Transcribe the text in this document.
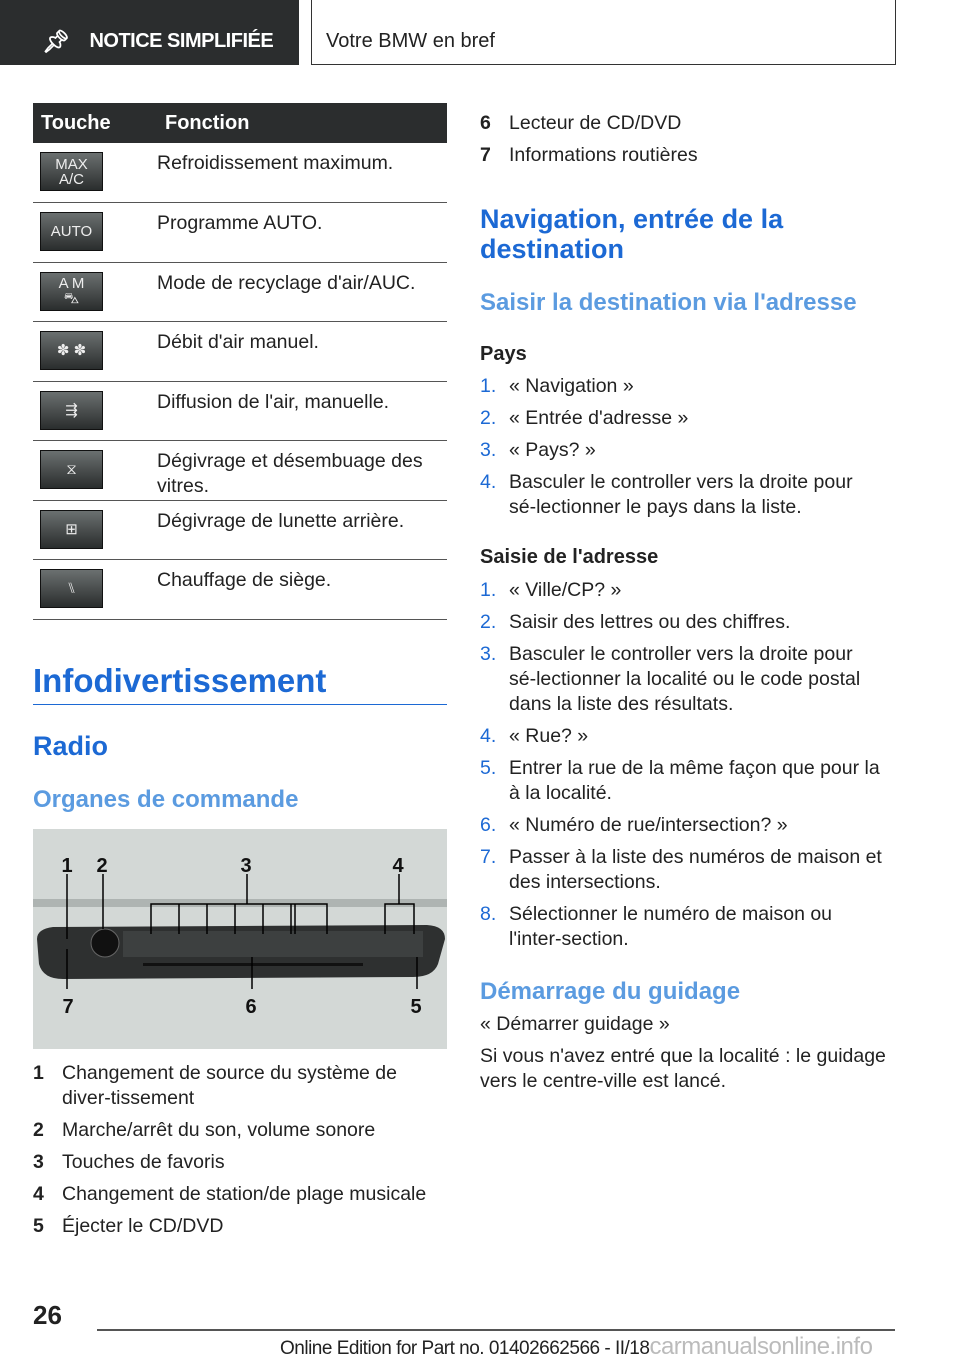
📌︎ NOTICE SIMPLIFIÉE	Votre BMW en bref
Touche	Fonction

MAX
A/C	Refroidissement maximum.

AUTO	Programme AUTO.

A M
⛍	Mode de recyclage d'air/AUC.

✽ ✽	Débit d'air manuel.

⇶	Diffusion de l'air, manuelle.

⧖	Dégivrage et désembuage des vitres.

⊞	Dégivrage de lunette arrière.

⑊	Chauffage de siège.
Infodivertissement
Radio
Organes de commande
1 2	3	4
5
6
7
1 Changement de source du système de diver‑tissement
2 Marche/arrêt du son, volume sonore
3 Touches de favoris
4 Changement de station/de plage musicale
5 Éjecter le CD/DVD
6 Lecteur de CD/DVD
7 Informations routières
Navigation, entrée de la destination
Saisir la destination via l'adresse
Pays
1. « Navigation »
2. « Entrée d'adresse »
3. « Pays? »
4. Basculer le controller vers la droite pour sé‑lectionner le pays dans la liste.
Saisie de l'adresse
1. « Ville/CP? »
2. Saisir des lettres ou des chiffres.
3. Basculer le controller vers la droite pour sé‑lectionner la localité ou le code postal dans la liste des résultats.
4. « Rue? »
5. Entrer la rue de la même façon que pour la à la localité.
6. « Numéro de rue/intersection? »
7. Passer à la liste des numéros de maison et des intersections.
8. Sélectionner le numéro de maison ou l'inter‑section.
Démarrage du guidage
« Démarrer guidage »
Si vous n'avez entré que la localité : le guidage vers le centre-ville est lancé.
26
Online Edition for Part no. 01402662566 - II/18carmanualsonline.info
